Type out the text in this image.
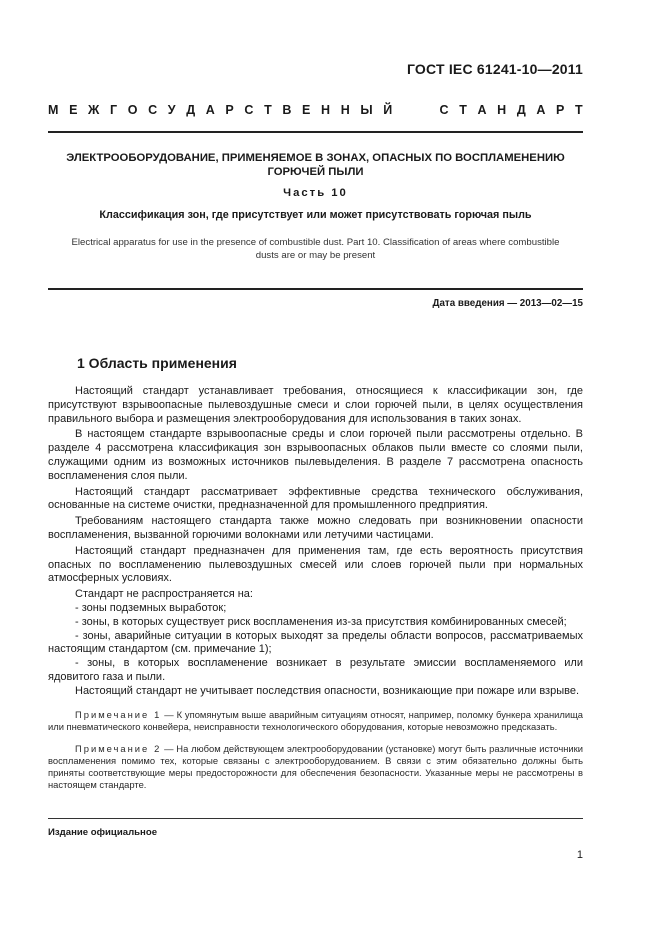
ГОСТ IEC 61241-10—2011
М Е Ж Г О С У Д А Р С Т В Е Н Н Ы Й	С Т А Н Д А Р Т
ЭЛЕКТРООБОРУДОВАНИЕ, ПРИМЕНЯЕМОЕ В ЗОНАХ, ОПАСНЫХ ПО ВОСПЛАМЕНЕНИЮ
ГОРЮЧЕЙ ПЫЛИ
Часть 10
Классификация зон, где присутствует или может присутствовать горючая пыль
Electrical apparatus for use in the presence of combustible dust. Part 10. Classification of areas where combustible
dusts are or may be present
Дата введения — 2013—02—15
1 Область применения

Настоящий стандарт устанавливает требования, относящиеся к классификации зон, где присутствуют взрывоопасные пылевоздушные смеси и слои горючей пыли, в целях осуществления правильного выбора и размещения электрооборудования для использования в таких зонах.

В настоящем стандарте взрывоопасные среды и слои горючей пыли рассмотрены отдельно. В разделе 4 рассмотрена классификация зон взрывоопасных облаков пыли вместе со слоями пыли, служащими одним из возможных источников пылевыделения. В разделе 7 рассмотрена опасность воспламенения слоя пыли.

Настоящий стандарт рассматривает эффективные средства технического обслуживания, основанные на системе очистки, предназначенной для промышленного предприятия.

Требованиям настоящего стандарта также можно следовать при возникновении опасности воспламенения, вызванной горючими волокнами или летучими частицами.

Настоящий стандарт предназначен для применения там, где есть вероятность присутствия опасных по воспламенению пылевоздушных смесей или слоев горючей пыли при нормальных атмосферных условиях.

Стандарт не распространяется на:

- зоны подземных выработок;

- зоны, в которых существует риск воспламенения из-за присутствия комбинированных смесей;

- зоны, аварийные ситуации в которых выходят за пределы области вопросов, рассматриваемых настоящим стандартом (см. примечание 1);

- зоны, в которых воспламенение возникает в результате эмиссии воспламеняемого или ядовитого газа и пыли.

Настоящий стандарт не учитывает последствия опасности, возникающие при пожаре или взрыве.

Примечание 1 — К упомянутым выше аварийным ситуациям относят, например, поломку бункера хранилища или пневматического конвейера, неисправности технологического оборудования, которые невозможно предсказать.

Примечание 2 — На любом действующем электрооборудовании (установке) могут быть различные источники воспламенения помимо тех, которые связаны с электрооборудованием. В связи с этим обязательно должны быть приняты соответствующие меры предосторожности для обеспечения безопасности. Указанные меры не рассмотрены в настоящем стандарте.

Издание официальное
1
